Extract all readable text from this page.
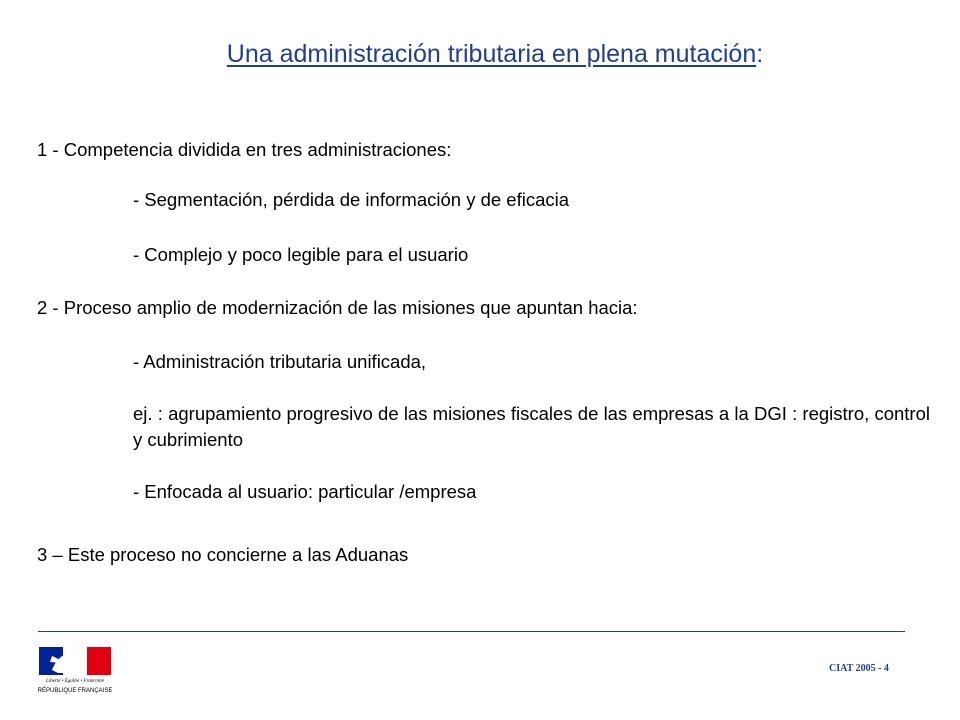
Una administración tributaria en plena mutación:
1 - Competencia dividida en tres administraciones:
- Segmentación, pérdida de información y de eficacia
- Complejo y poco legible para el usuario
2 - Proceso amplio de modernización de las misiones que apuntan hacia:
- Administración tributaria unificada,
ej. : agrupamiento progresivo de las misiones fiscales de las empresas a la DGI : registro, control y cubrimiento
- Enfocada al usuario: particular /empresa
3 – Este proceso no concierne a las Aduanas
Liberté • Égalité • Fraternité
RÉPUBLIQUE FRANÇAISE
CIAT 2005 - 4
